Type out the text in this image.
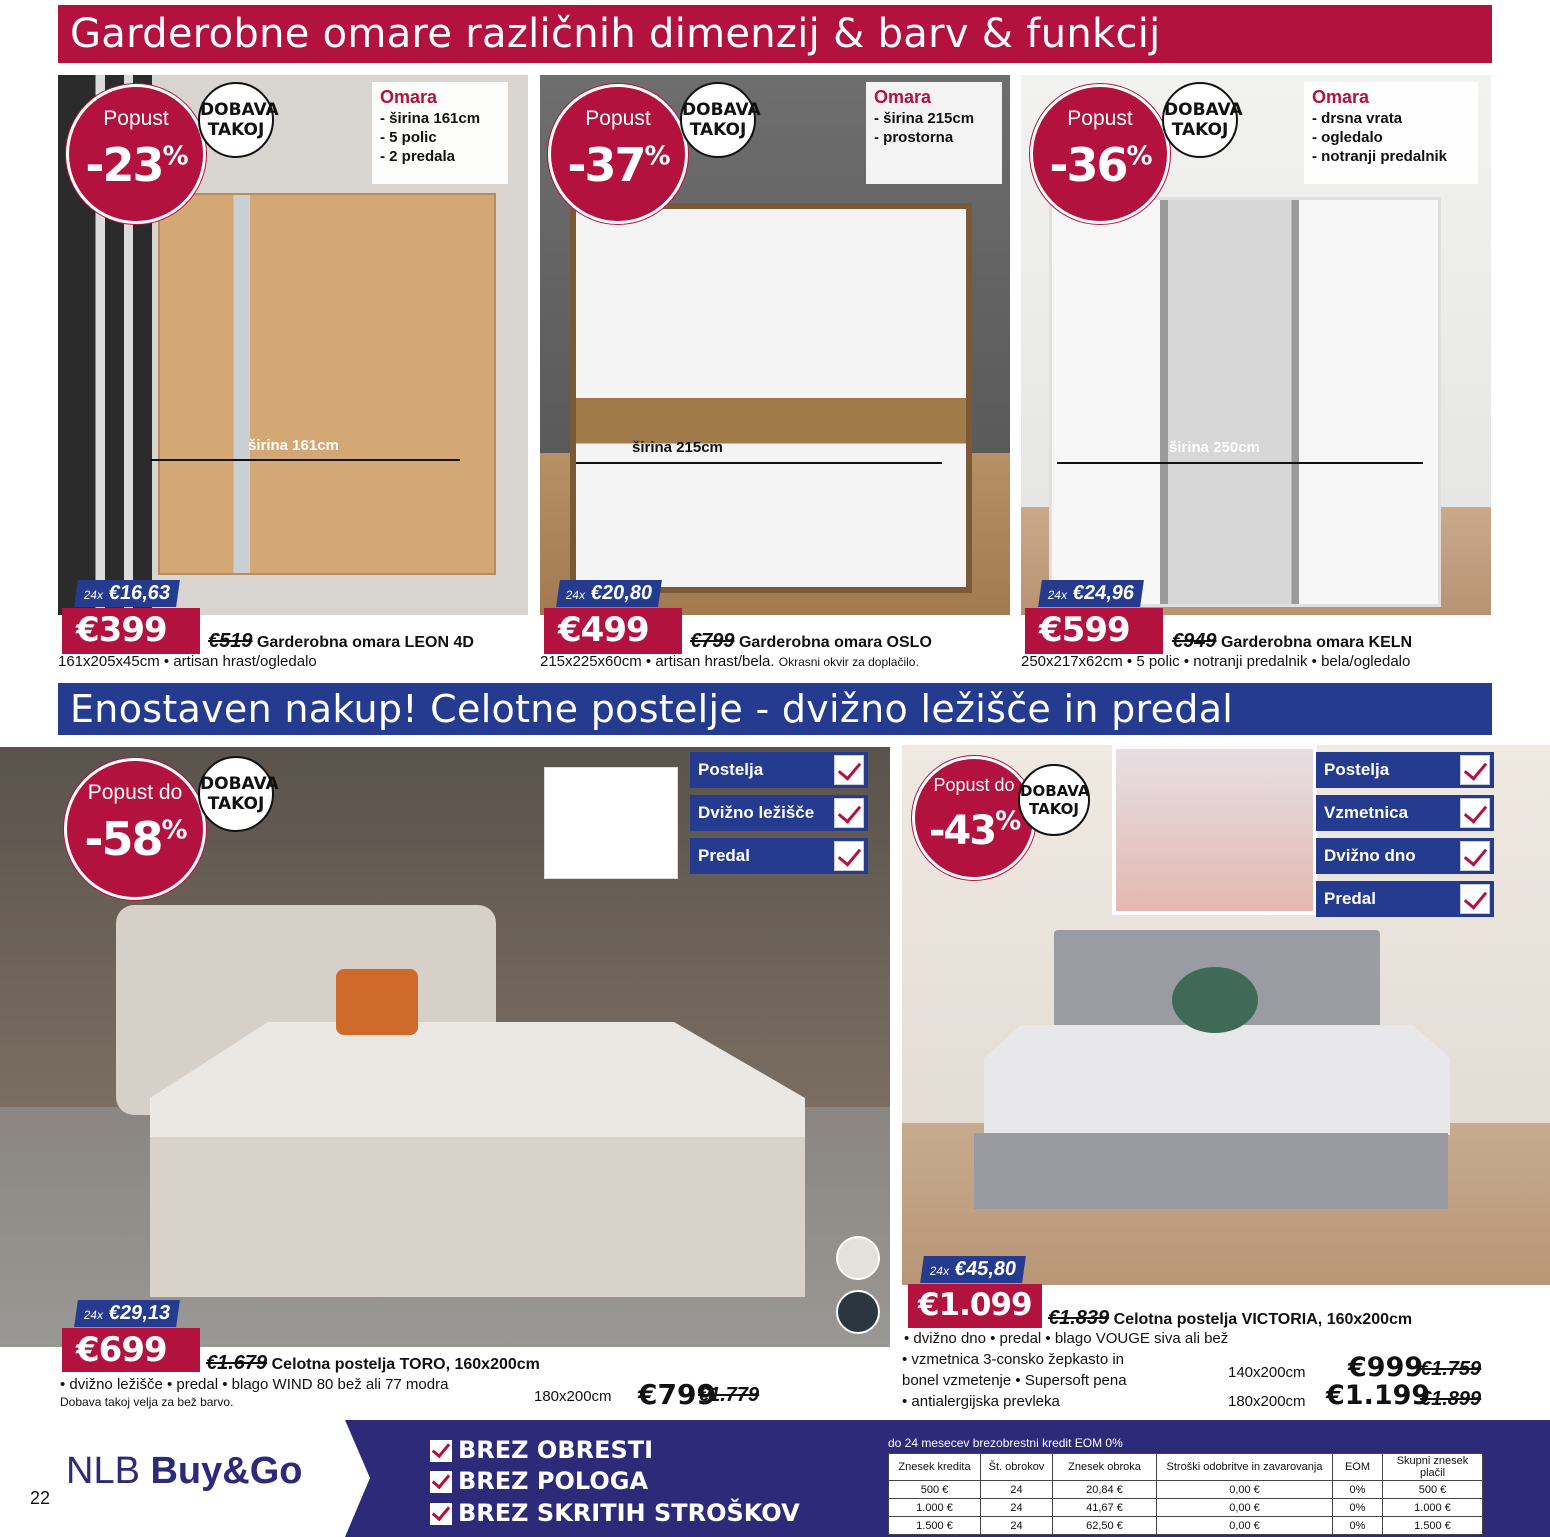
Garderobne omare različnih dimenzij & barv & funkcij
širina 161cm
Popust
-23%
DOBAVA
TAKOJ
Omara
- širina 161cm
- 5 polic
- 2 predala
24x €16,63
€399	€519 Garderobna omara LEON 4D
161x205x45cm • artisan hrast/ogledalo
širina 215cm
Popust
-37%
DOBAVA
TAKOJ
Omara
- širina 215cm
- prostorna
24x €20,80
€499	€799 Garderobna omara OSLO
215x225x60cm • artisan hrast/bela. Okrasni okvir za doplačilo.
širina 250cm
Popust
-36%
DOBAVA
TAKOJ
Omara
- drsna vrata
- ogledalo
- notranji predalnik
24x €24,96
€599	€949 Garderobna omara KELN
250x217x62cm • 5 polic • notranji predalnik • bela/ogledalo
Enostaven nakup! Celotne postelje - dvižno ležišče in predal
Popust do
-58%
DOBAVA
TAKOJ
Postelja
Dvižno ležišče
Predal
24x €29,13
€699	€1.679 Celotna postelja TORO, 160x200cm
• dvižno ležišče • predal • blago WIND 80 bež ali 77 modra
Dobava takoj velja za bež barvo.	180x200cm €799
€1.779
Popust do
-43%
DOBAVA
TAKOJ
Postelja
Vzmetnica
Dvižno dno
Predal
24x €45,80
€1.099 €1.839 Celotna postelja VICTORIA, 160x200cm
• dvižno dno • predal • blago VOUGE siva ali bež
• vzmetnica 3-consko žepkasto in
bonel vzmetenje • Supersoft pena
• antialergijska prevleka
140x200cm €999
€1.759
180x200cm €1.199
€1.899
22
NLB Buy&Go	BREZ OBRESTI
BREZ POLOGA
BREZ SKRITIH STROŠKOV
do 24 mesecev brezobrestni kredit EOM 0%
Znesek kredita	Št. obrokov	Znesek obroka	Stroški odobritve in zavarovanja	EOM	Skupni znesek plačil
500 €	24	20,84 €	0,00 €	0%	500 €
1.000 €	24	41,67 €	0,00 €	0%	1.000 €
1.500 €	24	62,50 €	0,00 €	0%	1.500 €
